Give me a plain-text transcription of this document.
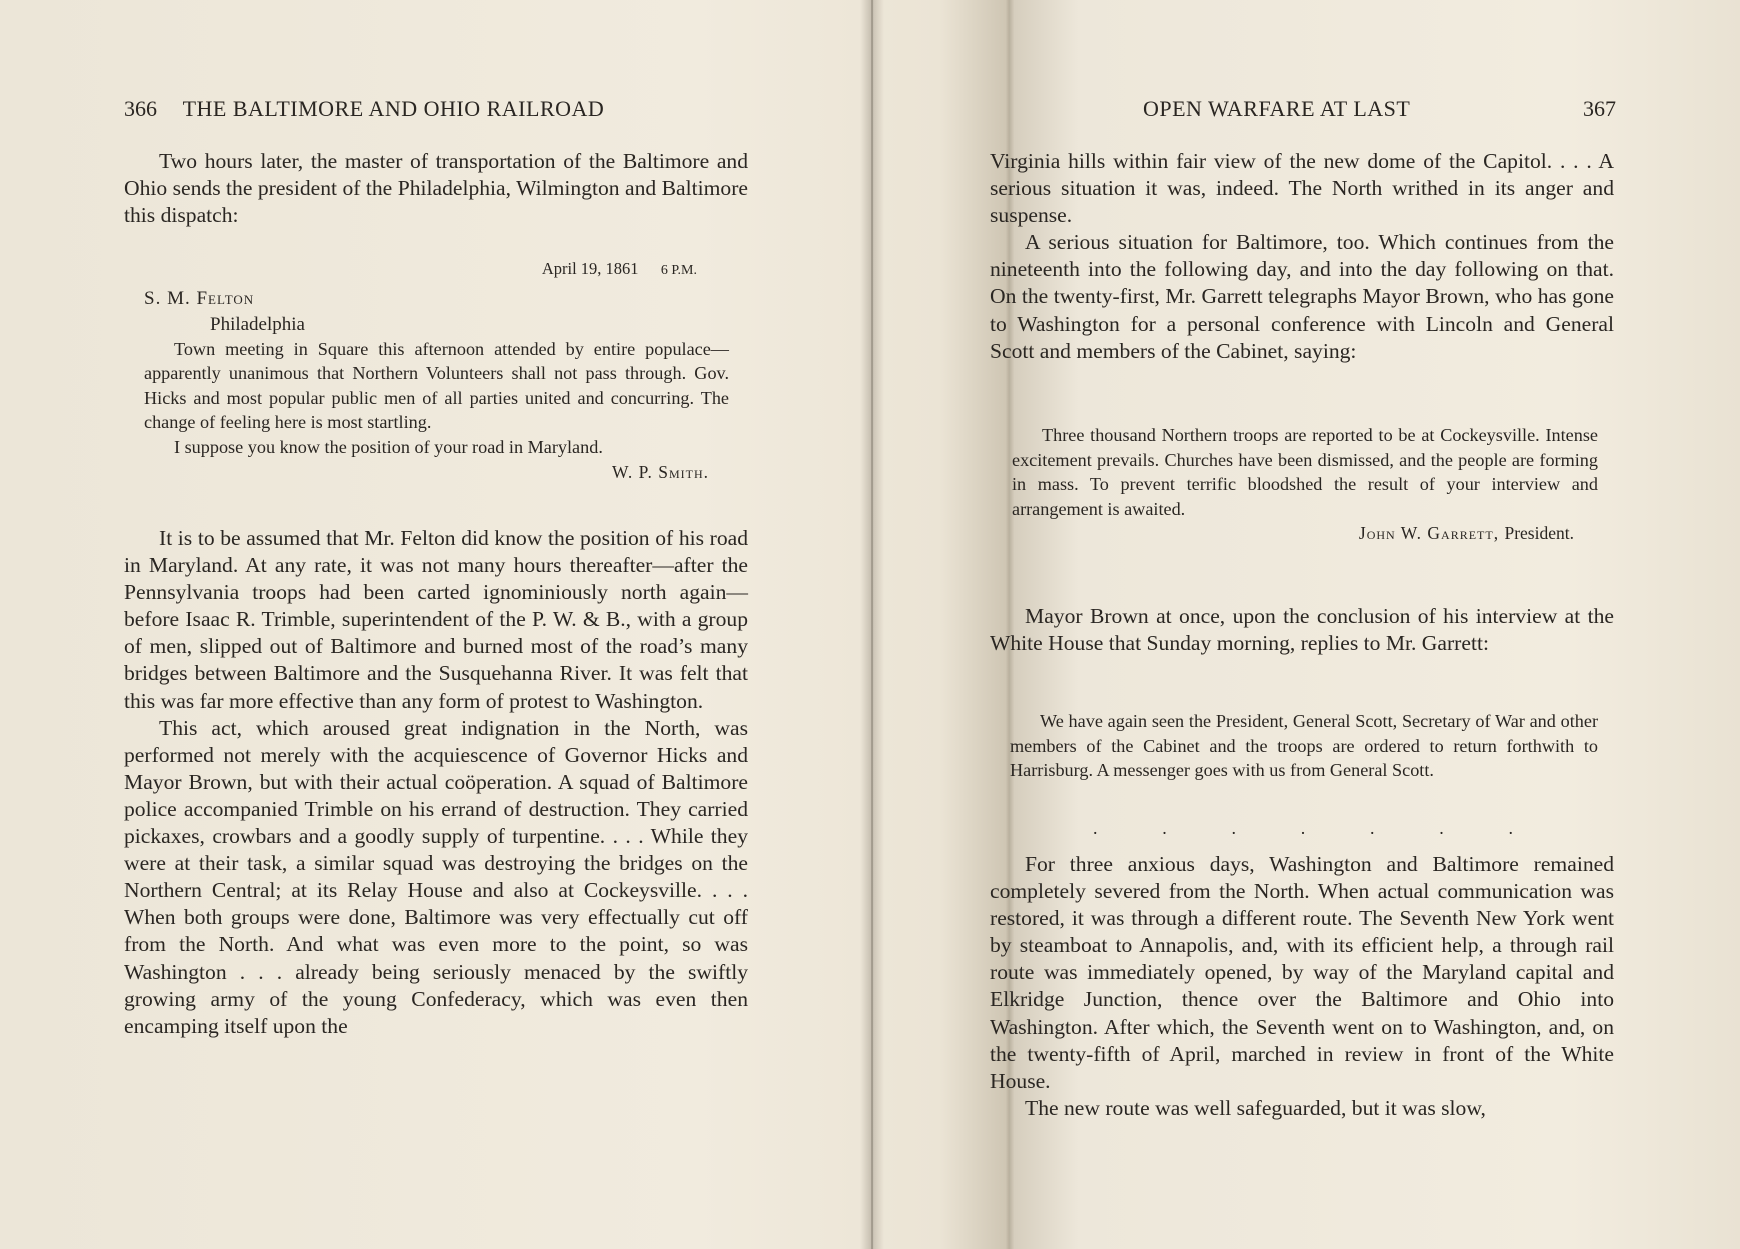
366 THE BALTIMORE AND OHIO RAILROAD

Two hours later, the master of transportation of the Baltimore and Ohio sends the president of the Philadelphia, Wilmington and Baltimore this dispatch:

April 19, 1861 6 P.M.
S. M. Felton
Philadelphia

Town meeting in Square this afternoon attended by entire populace—apparently unanimous that Northern Volunteers shall not pass through. Gov. Hicks and most popular public men of all parties united and concurring. The change of feeling here is most startling.

I suppose you know the position of your road in Maryland.

W. P. Smith.

It is to be assumed that Mr. Felton did know the position of his road in Maryland. At any rate, it was not many hours thereafter—after the Pennsylvania troops had been carted ignominiously north again—before Isaac R. Trimble, superintendent of the P. W. & B., with a group of men, slipped out of Baltimore and burned most of the road’s many bridges between Baltimore and the Susquehanna River. It was felt that this was far more effective than any form of protest to Washington.

This act, which aroused great indignation in the North, was performed not merely with the acquiescence of Governor Hicks and Mayor Brown, but with their actual coöperation. A squad of Baltimore police accompanied Trimble on his errand of destruction. They carried pickaxes, crowbars and a goodly supply of turpentine. . . . While they were at their task, a similar squad was destroying the bridges on the Northern Central; at its Relay House and also at Cockeysville. . . . When both groups were done, Baltimore was very effectually cut off from the North. And what was even more to the point, so was Washington . . . already being seriously menaced by the swiftly growing army of the young Confederacy, which was even then encamping itself upon the

OPEN WARFARE AT LAST	367

Virginia hills within fair view of the new dome of the Capitol. . . . A serious situation it was, indeed. The North writhed in its anger and suspense.

A serious situation for Baltimore, too. Which continues from the nineteenth into the following day, and into the day following on that. On the twenty-first, Mr. Garrett telegraphs Mayor Brown, who has gone to Washington for a personal conference with Lincoln and General Scott and members of the Cabinet, saying:

Three thousand Northern troops are reported to be at Cockeysville. Intense excitement prevails. Churches have been dismissed, and the people are forming in mass. To prevent terrific bloodshed the result of your interview and arrangement is awaited.

John W. Garrett, President.

Mayor Brown at once, upon the conclusion of his interview at the White House that Sunday morning, replies to Mr. Garrett:

We have again seen the President, General Scott, Secretary of War and other members of the Cabinet and the troops are ordered to return forthwith to Harrisburg. A messenger goes with us from General Scott.

For three anxious days, Washington and Baltimore remained completely severed from the North. When actual communication was restored, it was through a different route. The Seventh New York went by steamboat to Annapolis, and, with its efficient help, a through rail route was immediately opened, by way of the Maryland capital and Elkridge Junction, thence over the Baltimore and Ohio into Washington. After which, the Seventh went on to Washington, and, on the twenty-fifth of April, marched in review in front of the White House.

The new route was well safeguarded, but it was slow,

.	.	.	.	.	.	.
